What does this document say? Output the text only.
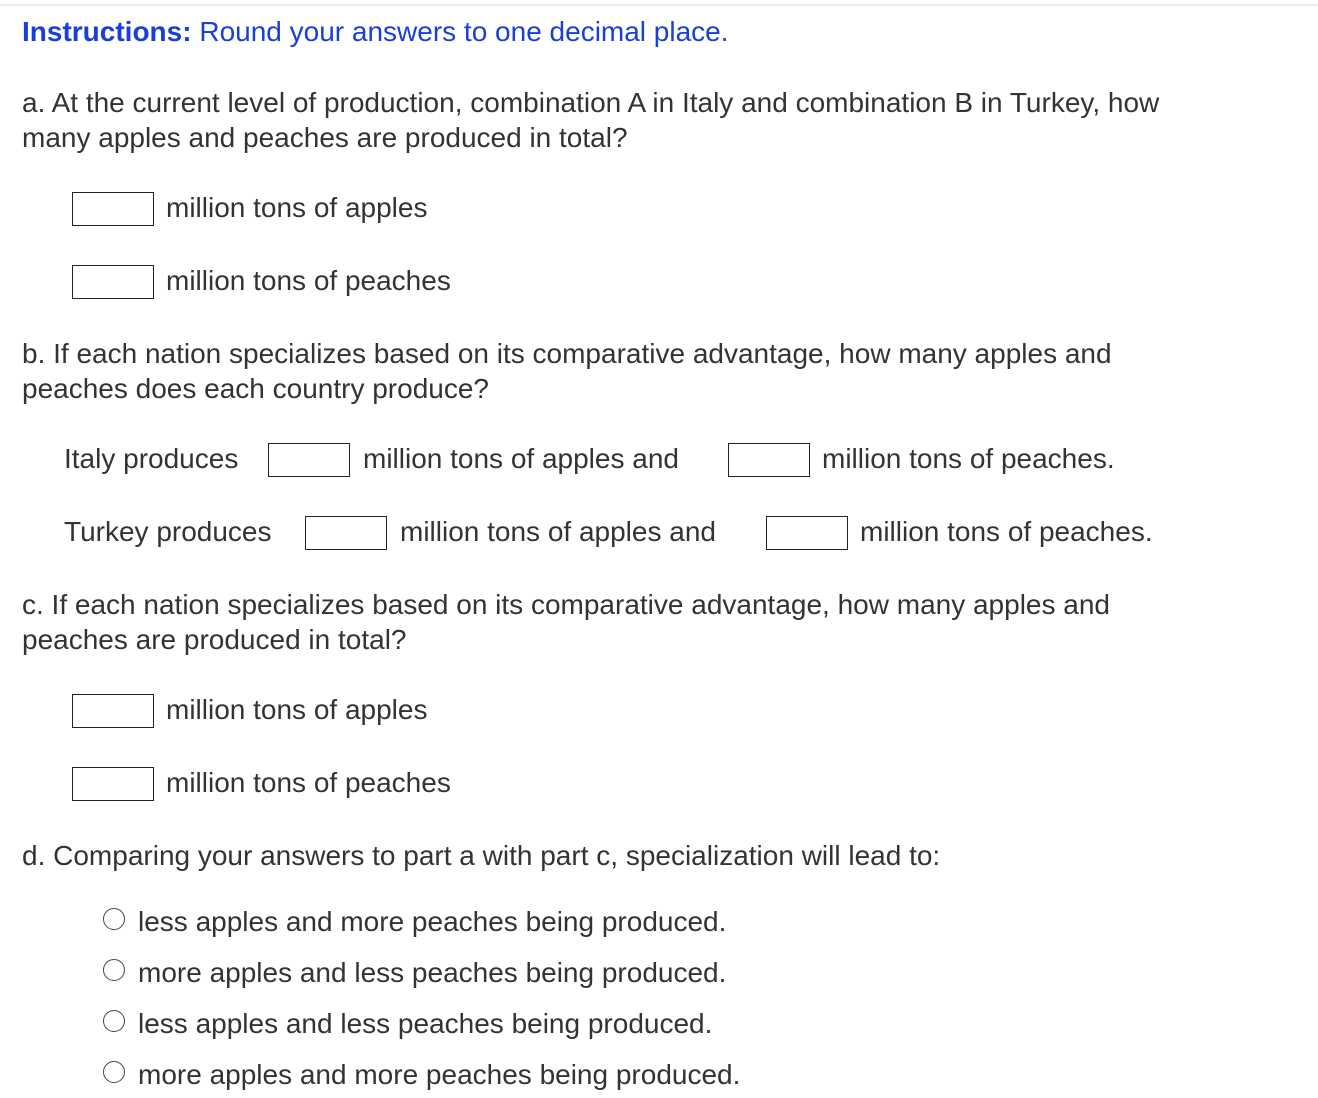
Instructions: Round your answers to one decimal place.
a. At the current level of production, combination A in Italy and combination B in Turkey, how
many apples and peaches are produced in total?
million tons of apples
million tons of peaches
b. If each nation specializes based on its comparative advantage, how many apples and
peaches does each country produce?
Italy produces	million tons of apples and	million tons of peaches.
Turkey produces	million tons of apples and	million tons of peaches.
c. If each nation specializes based on its comparative advantage, how many apples and
peaches are produced in total?
million tons of apples
million tons of peaches
d. Comparing your answers to part a with part c, specialization will lead to:
less apples and more peaches being produced.
more apples and less peaches being produced.
less apples and less peaches being produced.
more apples and more peaches being produced.
